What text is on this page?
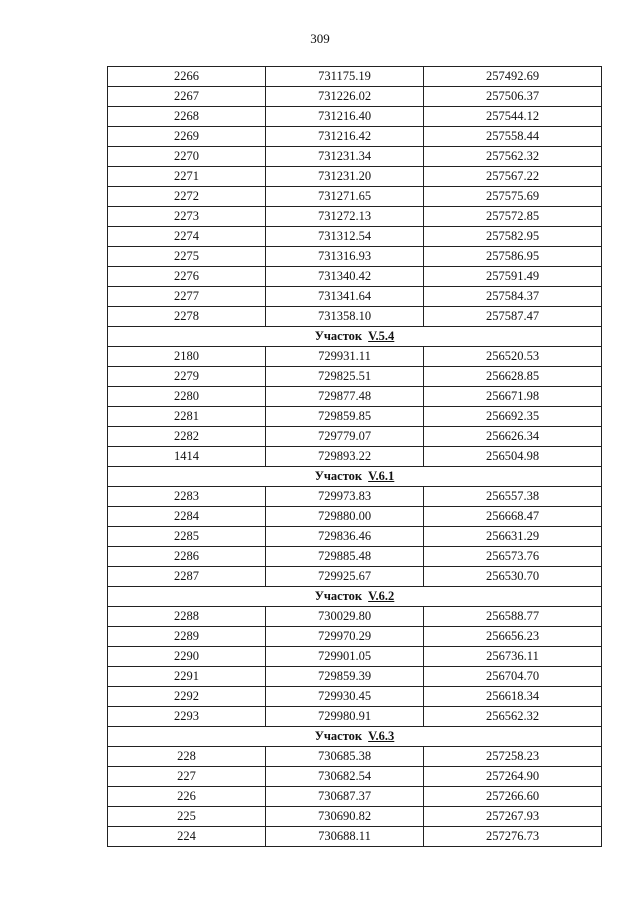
309
2266	731175.19	257492.69
2267	731226.02	257506.37
2268	731216.40	257544.12
2269	731216.42	257558.44
2270	731231.34	257562.32
2271	731231.20	257567.22
2272	731271.65	257575.69
2273	731272.13	257572.85
2274	731312.54	257582.95
2275	731316.93	257586.95
2276	731340.42	257591.49
2277	731341.64	257584.37
2278	731358.10	257587.47
Участок V.5.4		
2180	729931.11	256520.53
2279	729825.51	256628.85
2280	729877.48	256671.98
2281	729859.85	256692.35
2282	729779.07	256626.34
1414	729893.22	256504.98
Участок V.6.1		
2283	729973.83	256557.38
2284	729880.00	256668.47
2285	729836.46	256631.29
2286	729885.48	256573.76
2287	729925.67	256530.70
Участок V.6.2		
2288	730029.80	256588.77
2289	729970.29	256656.23
2290	729901.05	256736.11
2291	729859.39	256704.70
2292	729930.45	256618.34
2293	729980.91	256562.32
Участок V.6.3		
228	730685.38	257258.23
227	730682.54	257264.90
226	730687.37	257266.60
225	730690.82	257267.93
224	730688.11	257276.73
